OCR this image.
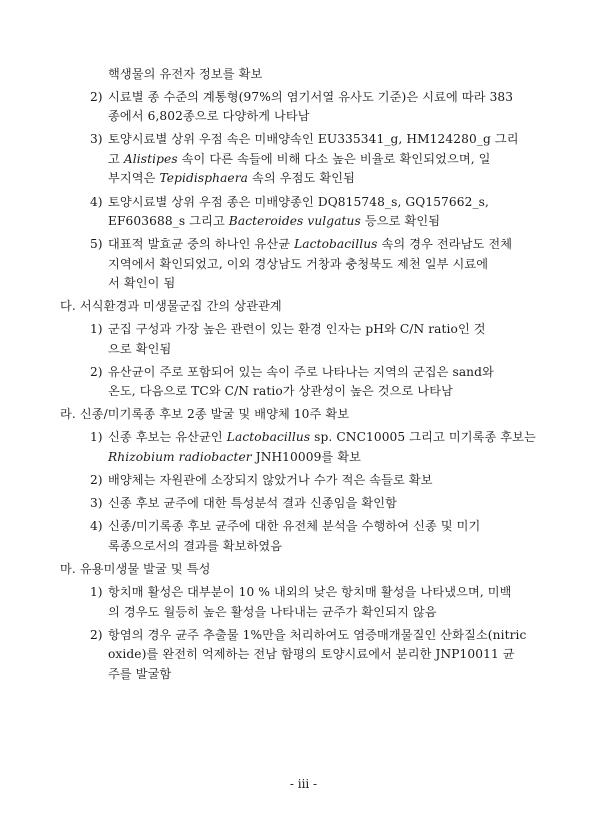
핵생물의 유전자 정보를 확보
2) 시료별 종 수준의 계통형(97%의 염기서열 유사도 기준)은 시료에 따라 383
종에서 6,802종으로 다양하게 나타남
3) 토양시료별 상위 우점 속은 미배양속인 EU335341_g, HM124280_g 그리
고 Alistipes 속이 다른 속들에 비해 다소 높은 비율로 확인되었으며, 일
부지역은 Tepidisphaera 속의 우점도 확인됨
4) 토양시료별 상위 우점 종은 미배양종인 DQ815748_s, GQ157662_s,
EF603688_s 그리고 Bacteroides vulgatus 등으로 확인됨
5) 대표적 발효균 중의 하나인 유산균 Lactobacillus 속의 경우 전라남도 전체
지역에서 확인되었고, 이외 경상남도 거창과 충청북도 제천 일부 시료에
서 확인이 됨
다. 서식환경과 미생물군집 간의 상관관계
1) 군집 구성과 가장 높은 관련이 있는 환경 인자는 pH와 C/N ratio인 것
으로 확인됨
2) 유산균이 주로 포함되어 있는 속이 주로 나타나는 지역의 군집은 sand와
온도, 다음으로 TC와 C/N ratio가 상관성이 높은 것으로 나타남
라. 신종/미기록종 후보 2종 발굴 및 배양체 10주 확보
1) 신종 후보는 유산균인 Lactobacillus sp. CNC10005 그리고 미기록종 후보는
Rhizobium radiobacter JNH10009를 확보
2) 배양체는 자원관에 소장되지 않았거나 수가 적은 속들로 확보
3) 신종 후보 균주에 대한 특성분석 결과 신종임을 확인함
4) 신종/미기록종 후보 균주에 대한 유전체 분석을 수행하여 신종 및 미기
록종으로서의 결과를 확보하였음
마. 유용미생물 발굴 및 특성
1) 항치매 활성은 대부분이 10 % 내외의 낮은 항치매 활성을 나타냈으며, 미백
의 경우도 월등히 높은 활성을 나타내는 균주가 확인되지 않음
2) 항염의 경우 균주 추출물 1%만을 처리하여도 염증매개물질인 산화질소(nitric
oxide)를 완전히 억제하는 전남 함평의 토양시료에서 분리한 JNP10011 균
주를 발굴함
- iii -
